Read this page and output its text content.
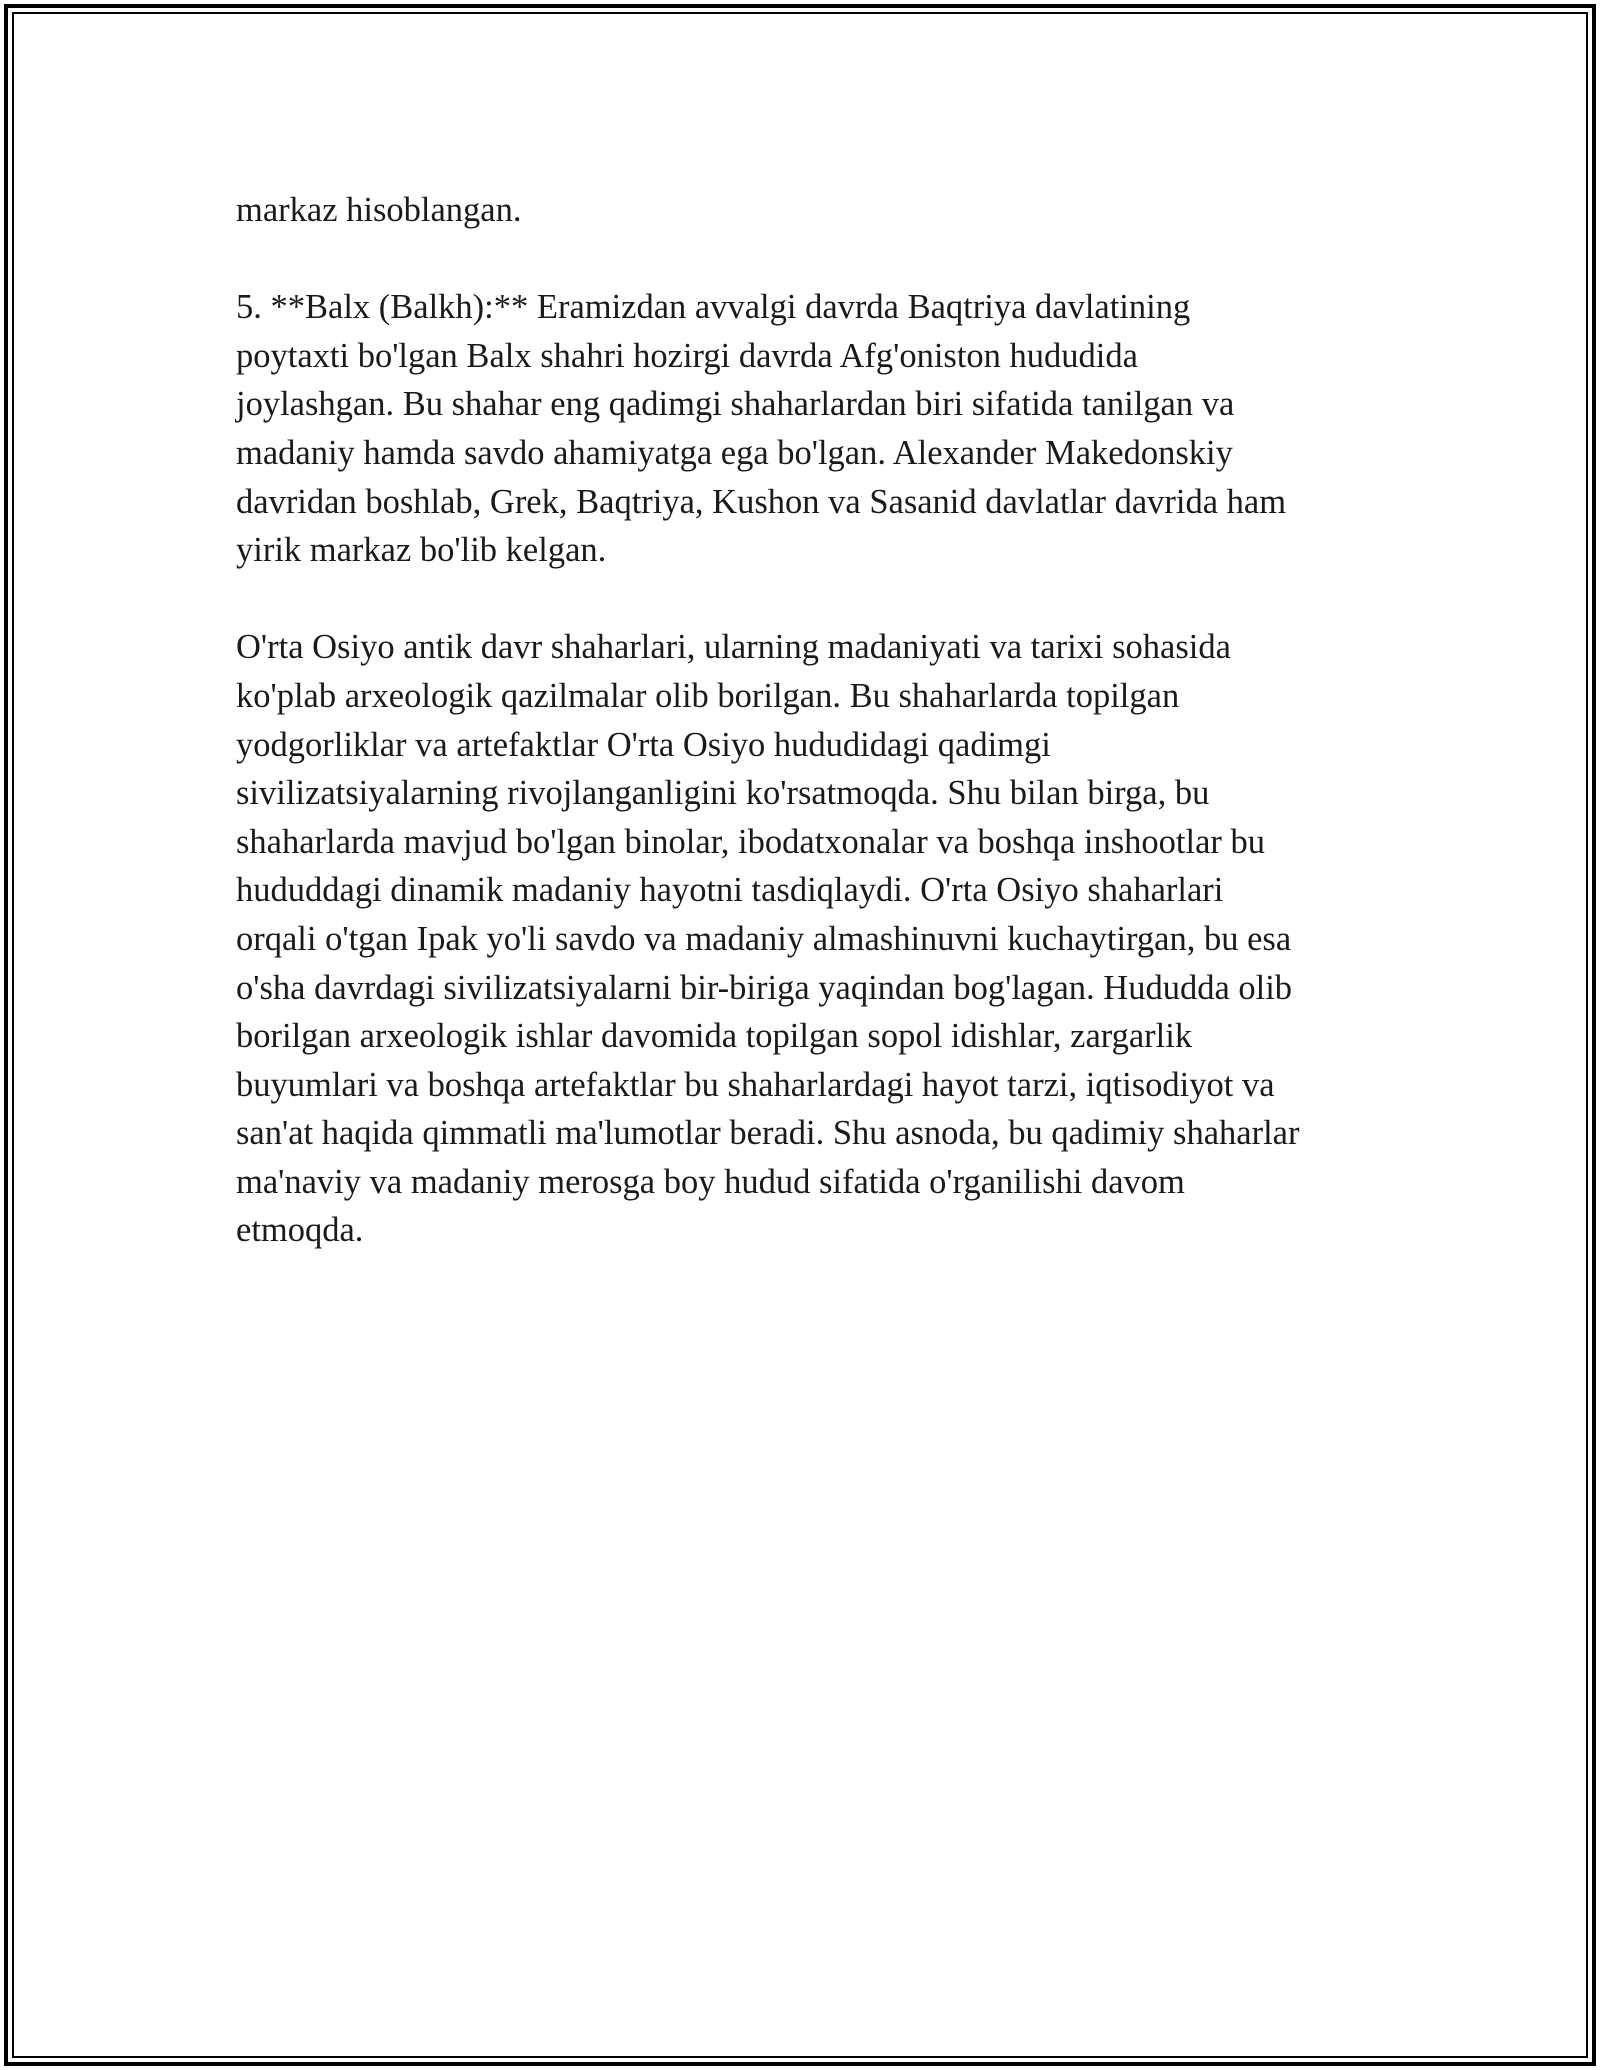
markaz hisoblangan.

5. **Balx (Balkh):** Eramizdan avvalgi davrda Baqtriya davlatining
poytaxti bo'lgan Balx shahri hozirgi davrda Afg'oniston hududida
joylashgan. Bu shahar eng qadimgi shaharlardan biri sifatida tanilgan va
madaniy hamda savdo ahamiyatga ega bo'lgan. Alexander Makedonskiy
davridan boshlab, Grek, Baqtriya, Kushon va Sasanid davlatlar davrida ham
yirik markaz bo'lib kelgan.

O'rta Osiyo antik davr shaharlari, ularning madaniyati va tarixi sohasida
ko'plab arxeologik qazilmalar olib borilgan. Bu shaharlarda topilgan
yodgorliklar va artefaktlar O'rta Osiyo hududidagi qadimgi
sivilizatsiyalarning rivojlanganligini ko'rsatmoqda. Shu bilan birga, bu
shaharlarda mavjud bo'lgan binolar, ibodatxonalar va boshqa inshootlar bu
hududdagi dinamik madaniy hayotni tasdiqlaydi. O'rta Osiyo shaharlari
orqali o'tgan Ipak yo'li savdo va madaniy almashinuvni kuchaytirgan, bu esa
o'sha davrdagi sivilizatsiyalarni bir-biriga yaqindan bog'lagan. Hududda olib
borilgan arxeologik ishlar davomida topilgan sopol idishlar, zargarlik
buyumlari va boshqa artefaktlar bu shaharlardagi hayot tarzi, iqtisodiyot va
san'at haqida qimmatli ma'lumotlar beradi. Shu asnoda, bu qadimiy shaharlar
ma'naviy va madaniy merosga boy hudud sifatida o'rganilishi davom
etmoqda.
